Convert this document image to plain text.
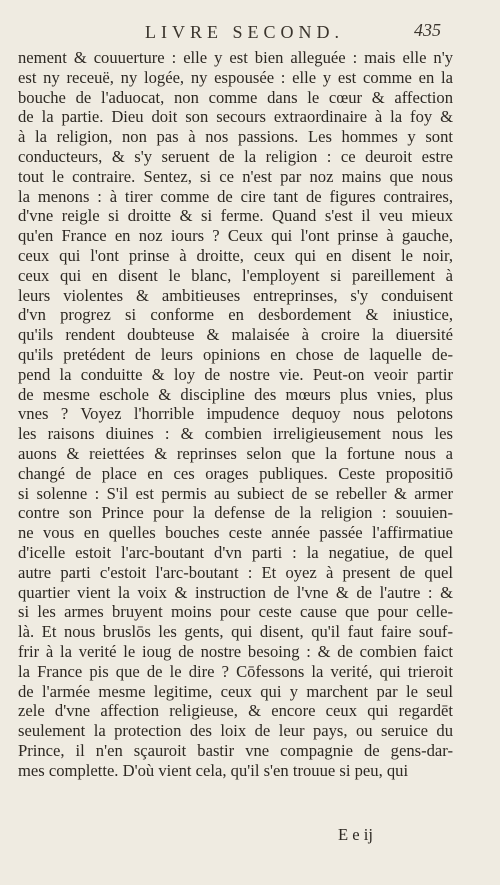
LIVRE SECOND.	435
nement & couuerture : elle y est bien alleguée : mais elle n'y
est ny receuë, ny logée, ny espousée : elle y est comme en la
bouche de l'aduocat, non comme dans le cœur & affection
de la partie. Dieu doit son secours extraordinaire à la foy &
à la religion, non pas à nos passions. Les hommes y sont
conducteurs, & s'y seruent de la religion : ce deuroit estre
tout le contraire. Sentez, si ce n'est par noz mains que nous
la menons : à tirer comme de cire tant de figures contraires,
d'vne reigle si droitte & si ferme. Quand s'est il veu mieux
qu'en France en noz iours ? Ceux qui l'ont prinse à gauche,
ceux qui l'ont prinse à droitte, ceux qui en disent le noir,
ceux qui en disent le blanc, l'employent si pareillement à
leurs violentes & ambitieuses entreprinses, s'y conduisent
d'vn progrez si conforme en desbordement & iniustice,
qu'ils rendent doubteuse & malaisée à croire la diuersité
qu'ils pretédent de leurs opinions en chose de laquelle de-
pend la conduitte & loy de nostre vie. Peut-on veoir partir
de mesme eschole & discipline des mœurs plus vnies, plus
vnes ? Voyez l'horrible impudence dequoy nous pelotons
les raisons diuines : & combien irreligieusement nous les
auons & reiettées & reprinses selon que la fortune nous a
changé de place en ces orages publiques. Ceste propositiō
si solenne : S'il est permis au subiect de se rebeller & armer
contre son Prince pour la defense de la religion : souuien-
ne vous en quelles bouches ceste année passée l'affirmatiue
d'icelle estoit l'arc-boutant d'vn parti : la negatiue, de quel
autre parti c'estoit l'arc-boutant : Et oyez à present de quel
quartier vient la voix & instruction de l'vne & de l'autre : &
si les armes bruyent moins pour ceste cause que pour celle-
là. Et nous bruslōs les gents, qui disent, qu'il faut faire souf-
frir à la verité le ioug de nostre besoing : & de combien faict
la France pis que de le dire ? Cōfessons la verité, qui trieroit
de l'armée mesme legitime, ceux qui y marchent par le seul
zele d'vne affection religieuse, & encore ceux qui regardēt
seulement la protection des loix de leur pays, ou seruice du
Prince, il n'en sçauroit bastir vne compagnie de gens-dar-
mes complette. D'où vient cela, qu'il s'en trouue si peu, qui
E e ij
